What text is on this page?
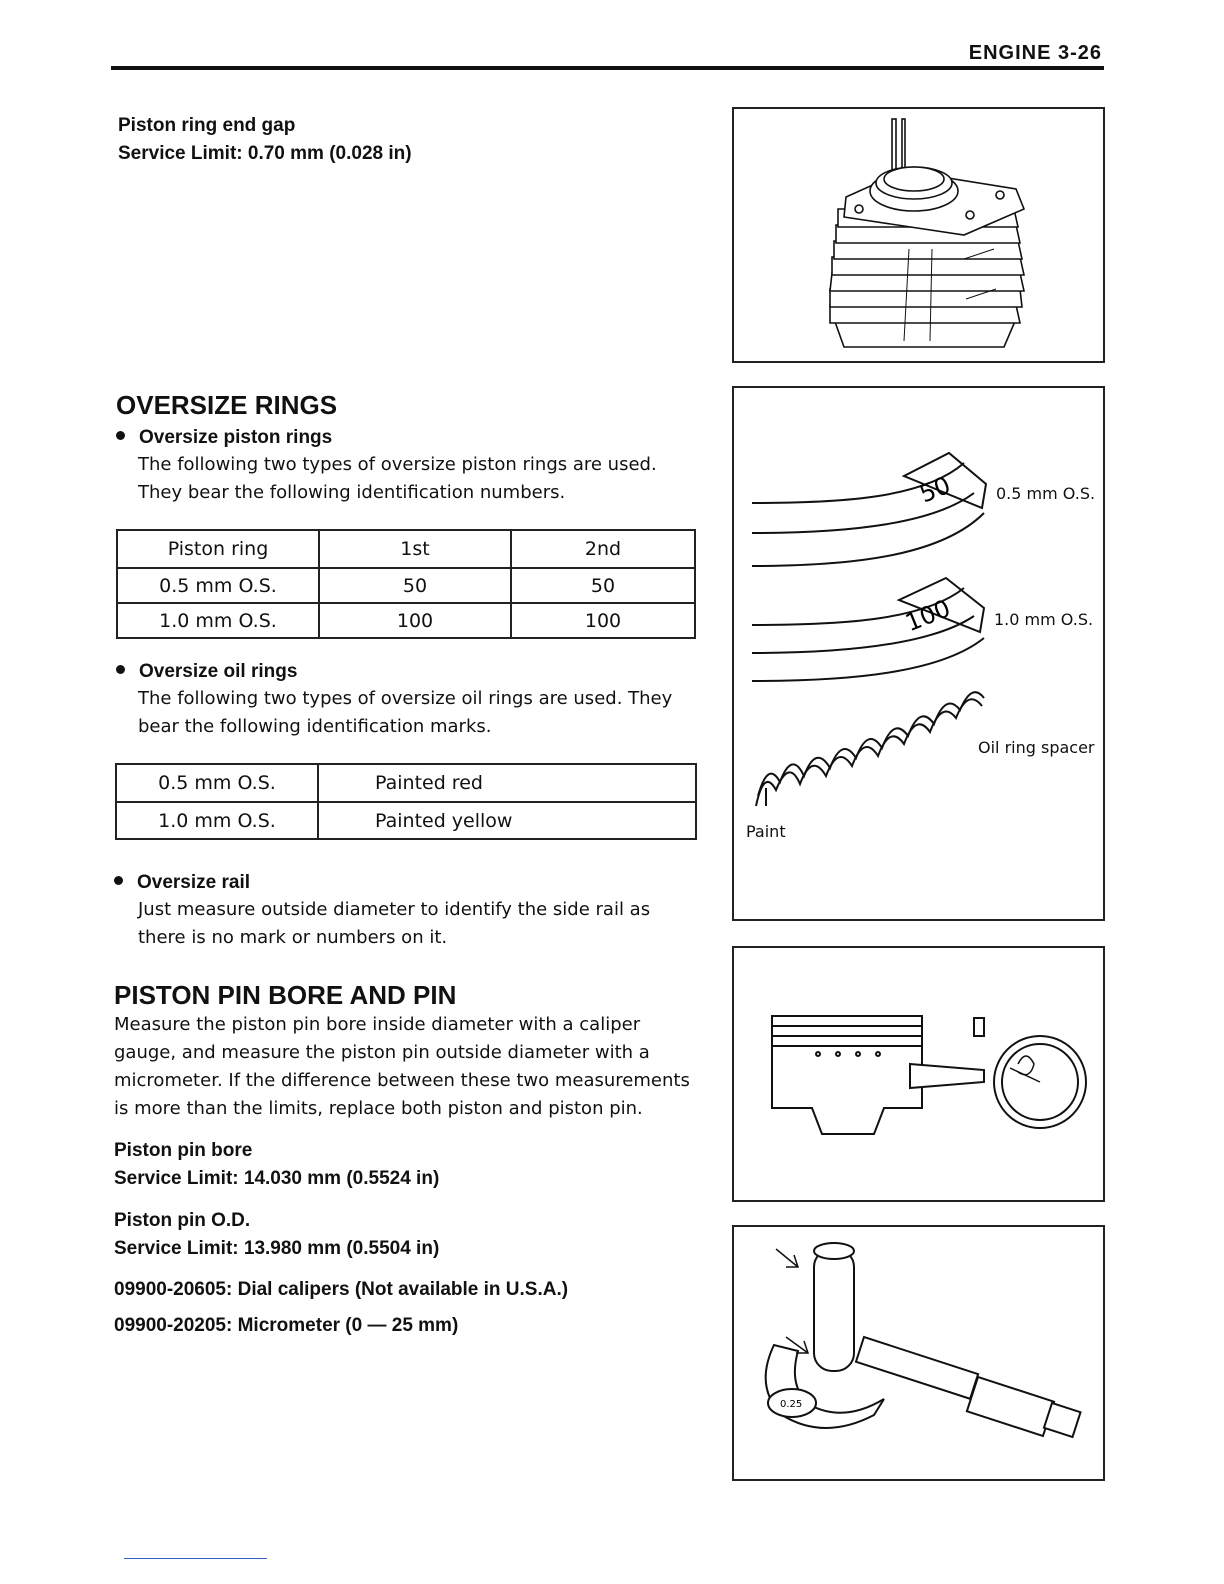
ENGINE 3-26
Piston ring end gap
Service Limit: 0.70 mm (0.028 in)
OVERSIZE RINGS
Oversize piston rings
The following two types of oversize piston rings are used.
They bear the following identification numbers.
Piston ring	1st	2nd
0.5 mm O.S.	50	50
1.0 mm O.S.	100	100
Oversize oil rings
The following two types of oversize oil rings are used. They
bear the following identification marks.
0.5 mm O.S.	Painted red
1.0 mm O.S.	Painted yellow
Oversize rail
Just measure outside diameter to identify the side rail as
there is no mark or numbers on it.
PISTON PIN BORE AND PIN
Measure the piston pin bore inside diameter with a caliper
gauge, and measure the piston pin outside diameter with a
micrometer. If the difference between these two measurements
is more than the limits, replace both piston and piston pin.
Piston pin bore
Service Limit: 14.030 mm (0.5524 in)
Piston pin O.D.
Service Limit: 13.980 mm (0.5504 in)
09900-20605: Dial calipers (Not available in U.S.A.)
09900-20205: Micrometer (0 — 25 mm)
50
100
0.5 mm O.S.
1.0 mm O.S.
Oil ring spacer
Paint
0.25
